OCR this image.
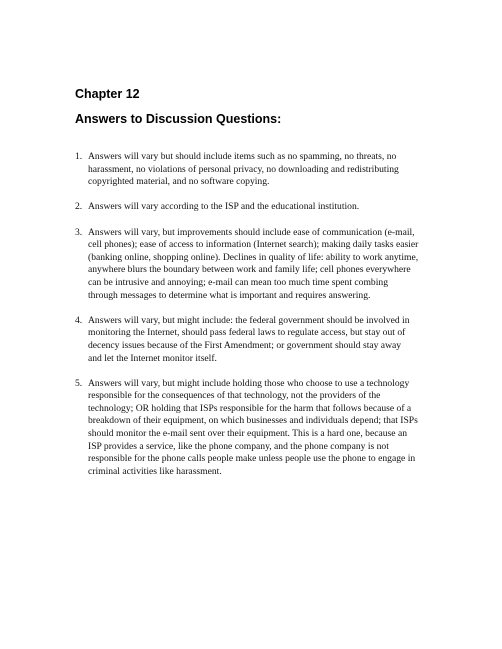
Chapter 12
Answers to Discussion Questions:
1. Answers will vary but should include items such as no spamming, no threats, no
harassment, no violations of personal privacy, no downloading and redistributing
copyrighted material, and no software copying.
2. Answers will vary according to the ISP and the educational institution.
3. Answers will vary, but improvements should include ease of communication (e-mail,
cell phones); ease of access to information (Internet search); making daily tasks easier
(banking online, shopping online). Declines in quality of life: ability to work anytime,
anywhere blurs the boundary between work and family life; cell phones everywhere
can be intrusive and annoying; e-mail can mean too much time spent combing
through messages to determine what is important and requires answering.
4. Answers will vary, but might include: the federal government should be involved in
monitoring the Internet, should pass federal laws to regulate access, but stay out of
decency issues because of the First Amendment; or government should stay away
and let the Internet monitor itself.
5. Answers will vary, but might include holding those who choose to use a technology
responsible for the consequences of that technology, not the providers of the
technology; OR holding that ISPs responsible for the harm that follows because of a
breakdown of their equipment, on which businesses and individuals depend; that ISPs
should monitor the e-mail sent over their equipment. This is a hard one, because an
ISP provides a service, like the phone company, and the phone company is not
responsible for the phone calls people make unless people use the phone to engage in
criminal activities like harassment.
